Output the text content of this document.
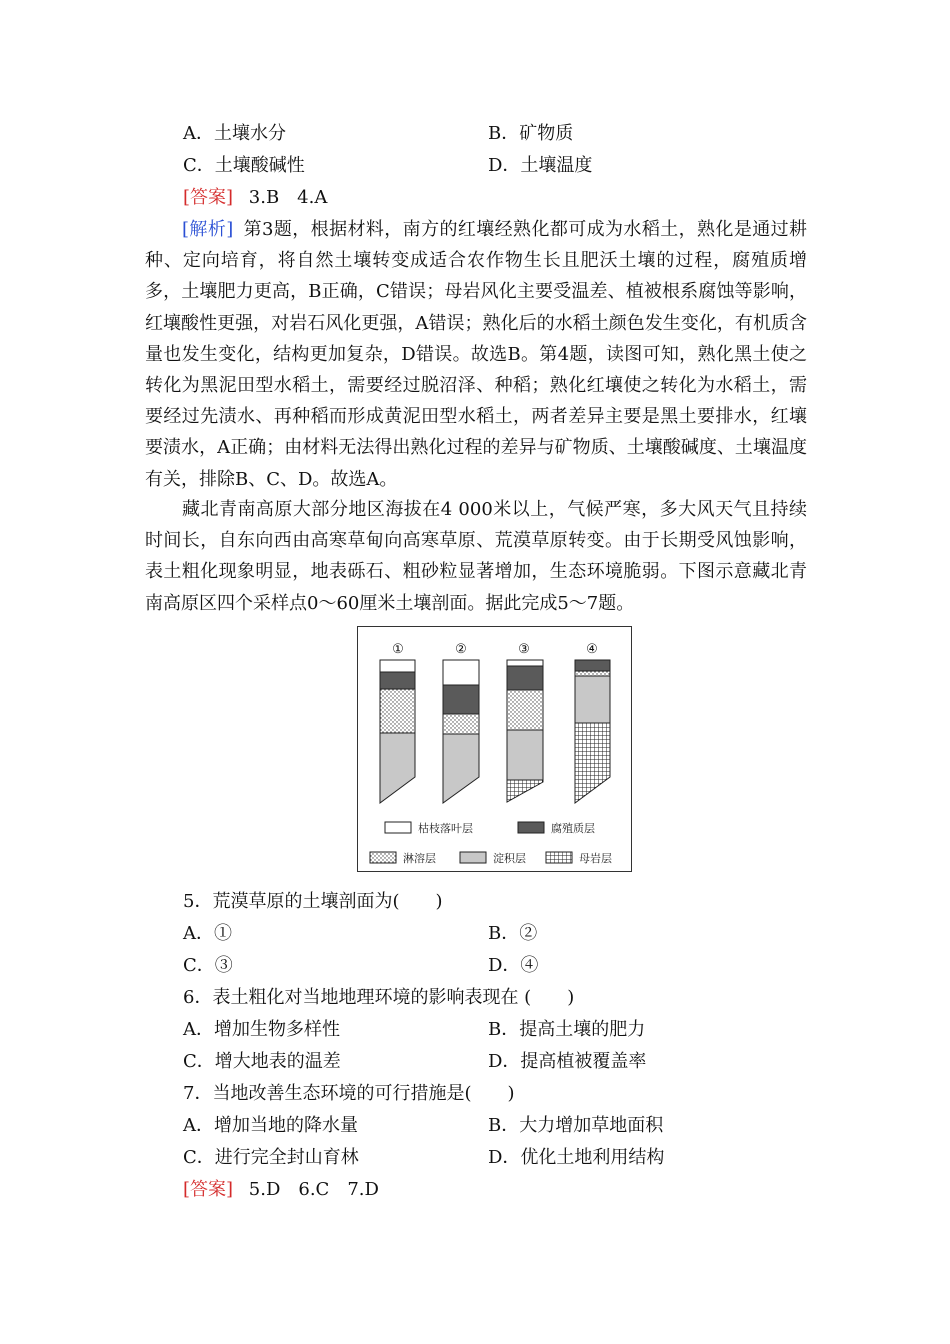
A．土壤水分	B．矿物质
C．土壤酸碱性	D．土壤温度
[答案] 3.B　4.A
[解析] 第3题，根据材料，南方的红壤经熟化都可成为水稻土，熟化是通过耕种、定向培育，将自然土壤转变成适合农作物生长且肥沃土壤的过程，腐殖质增多，土壤肥力更高，B正确，C错误；母岩风化主要受温差、植被根系腐蚀等影响，红壤酸性更强，对岩石风化更强，A错误；熟化后的水稻土颜色发生变化，有机质含量也发生变化，结构更加复杂，D错误。故选B。第4题，读图可知，熟化黑土使之转化为黑泥田型水稻土，需要经过脱沼泽、种稻；熟化红壤使之转化为水稻土，需要经过先渍水、再种稻而形成黄泥田型水稻土，两者差异主要是黑土要排水，红壤要渍水，A正确；由材料无法得出熟化过程的差异与矿物质、土壤酸碱度、土壤温度有关，排除B、C、D。故选A。
藏北青南高原大部分地区海拔在4 000米以上，气候严寒，多大风天气且持续时间长，自东向西由高寒草甸向高寒草原、荒漠草原转变。由于长期受风蚀影响，表土粗化现象明显，地表砾石、粗砂粒显著增加，生态环境脆弱。下图示意藏北青南高原区四个采样点0～60厘米土壤剖面。据此完成5～7题。
①	②	③	④
枯枝落叶层	腐殖质层
淋溶层	淀积层	母岩层
5．荒漠草原的土壤剖面为(　　)
A．①	B．②
C．③	D．④
6．表土粗化对当地地理环境的影响表现在 (　　)
A．增加生物多样性	B．提高土壤的肥力
C．增大地表的温差	D．提高植被覆盖率
7．当地改善生态环境的可行措施是(　　)
A．增加当地的降水量	B．大力增加草地面积
C．进行完全封山育林	D．优化土地利用结构
[答案] 5.D　6.C　7.D
